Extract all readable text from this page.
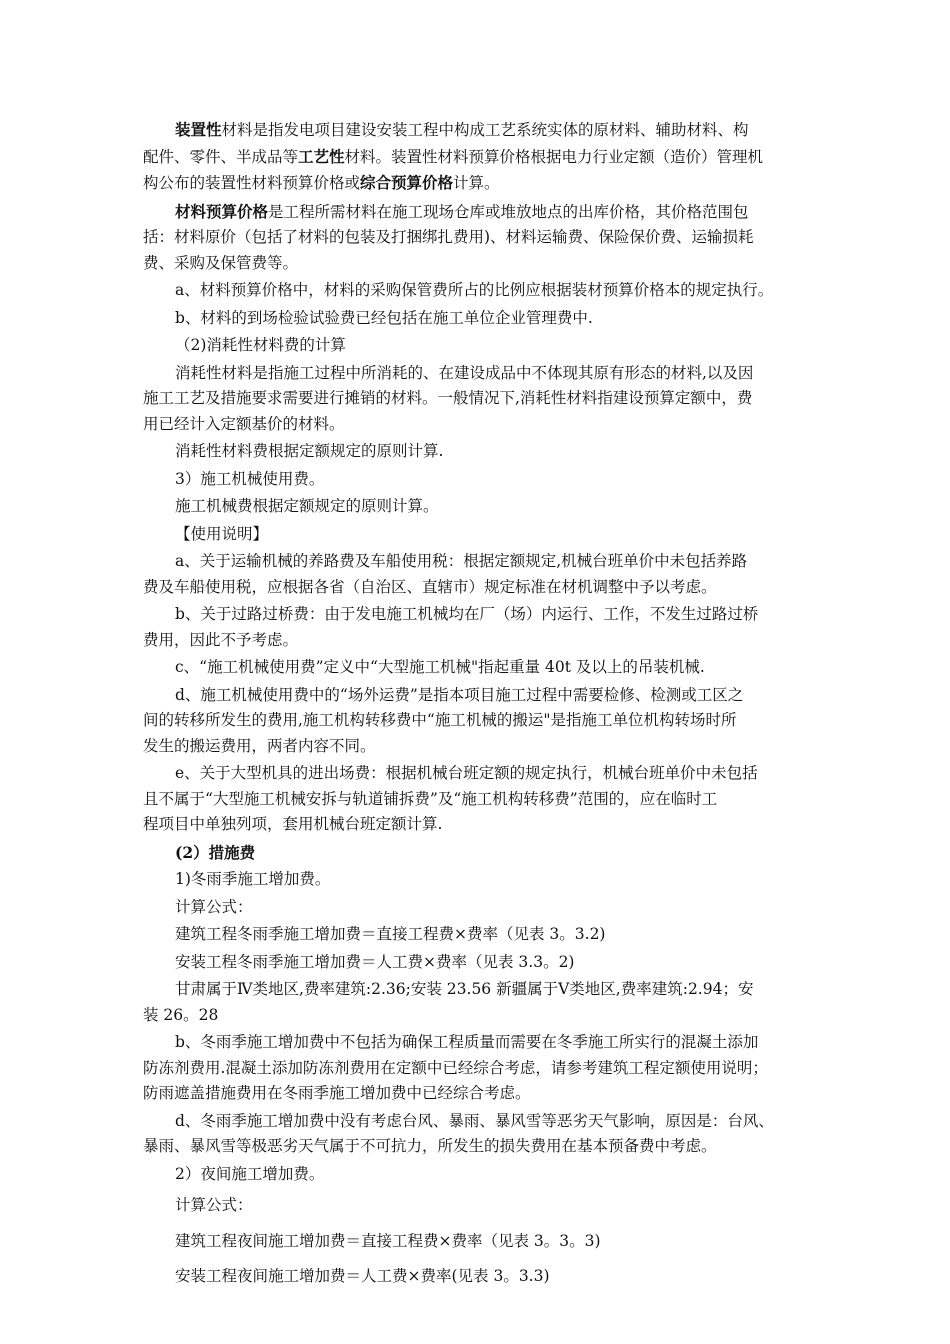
装置性材料是指发电项目建设安装工程中构成工艺系统实体的原材料、辅助材料、构
配件、零件、半成品等工艺性材料。装置性材料预算价格根据电力行业定额（造价）管理机
构公布的装置性材料预算价格或综合预算价格计算。
材料预算价格是工程所需材料在施工现场仓库或堆放地点的出库价格，其价格范围包
括：材料原价（包括了材料的包装及打捆绑扎费用)、材料运输费、保险保价费、运输损耗
费、采购及保管费等。
a、材料预算价格中，材料的采购保管费所占的比例应根据装材预算价格本的规定执行。
b、材料的到场检验试验费已经包括在施工单位企业管理费中.
（2)消耗性材料费的计算
消耗性材料是指施工过程中所消耗的、在建设成品中不体现其原有形态的材料,以及因
施工工艺及措施要求需要进行摊销的材料。一般情况下,消耗性材料指建设预算定额中，费
用已经计入定额基价的材料。
消耗性材料费根据定额规定的原则计算.
3）施工机械使用费。
施工机械费根据定额规定的原则计算。
【使用说明】
a、关于运输机械的养路费及车船使用税：根据定额规定,机械台班单价中未包括养路
费及车船使用税，应根据各省（自治区、直辖市）规定标准在材机调整中予以考虑。
b、关于过路过桥费：由于发电施工机械均在厂（场）内运行、工作，不发生过路过桥
费用，因此不予考虑。
c、“施工机械使用费”定义中“大型施工机械"指起重量 40t 及以上的吊装机械.
d、施工机械使用费中的“场外运费”是指本项目施工过程中需要检修、检测或工区之
间的转移所发生的费用,施工机构转移费中“施工机械的搬运"是指施工单位机构转场时所
发生的搬运费用，两者内容不同。
e、关于大型机具的进出场费：根据机械台班定额的规定执行，机械台班单价中未包括
且不属于“大型施工机械安拆与轨道铺拆费”及“施工机构转移费”范围的，应在临时工
程项目中单独列项，套用机械台班定额计算.
(2）措施费
1)冬雨季施工增加费。
计算公式：
建筑工程冬雨季施工增加费＝直接工程费×费率（见表 3。3.2)
安装工程冬雨季施工增加费＝人工费×费率（见表 3.3。2)
甘肃属于Ⅳ类地区,费率建筑:2.36;安装 23.56 新疆属于Ⅴ类地区,费率建筑:2.94；安
装 26。28
b、冬雨季施工增加费中不包括为确保工程质量而需要在冬季施工所实行的混凝土添加
防冻剂费用.混凝土添加防冻剂费用在定额中已经综合考虑，请参考建筑工程定额使用说明；
防雨遮盖措施费用在冬雨季施工增加费中已经综合考虑。
d、冬雨季施工增加费中没有考虑台风、暴雨、暴风雪等恶劣天气影响，原因是：台风、
暴雨、暴风雪等极恶劣天气属于不可抗力，所发生的损失费用在基本预备费中考虑。
2）夜间施工增加费。
计算公式：
建筑工程夜间施工增加费＝直接工程费×费率（见表 3。3。3)
安装工程夜间施工增加费＝人工费×费率(见表 3。3.3)
